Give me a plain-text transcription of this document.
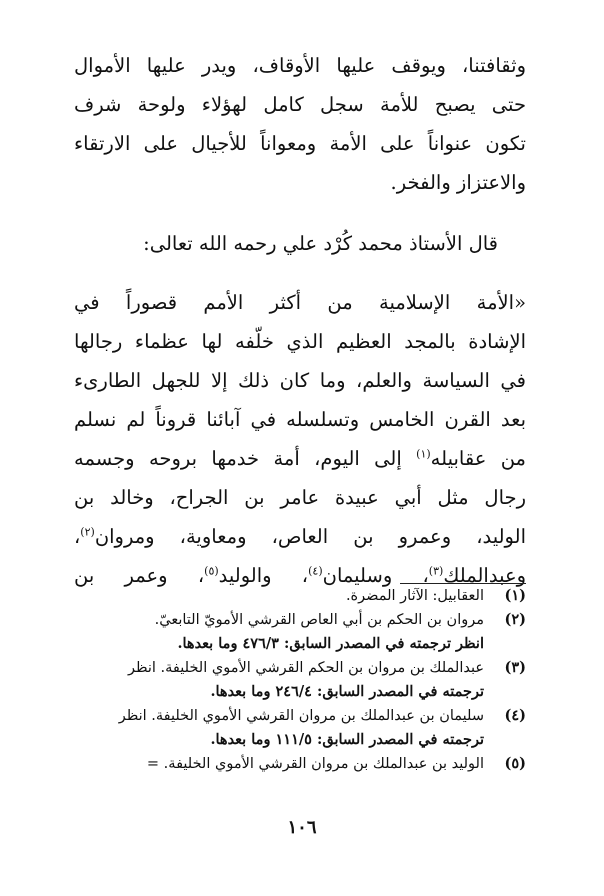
وثقافتنا، ويوقف عليها الأوقاف، ويدر عليها الأموال
حتى يصبح للأمة سجل كامل لهؤلاء ولوحة شرف
تكون عنواناً على الأمة ومعواناً للأجيال على الارتقاء
والاعتزاز والفخر.
قال الأستاذ محمد كُرْد علي رحمه الله تعالى:
«الأمة الإسلامية من أكثر الأمم قصوراً في
الإشادة بالمجد العظيم الذي خلّفه لها عظماء رجالها
في السياسة والعلم، وما كان ذلك إلا للجهل الطارىء
بعد القرن الخامس وتسلسله في آبائنا قروناً لم نسلم
من عقابيله$^{(١)}$ إلى اليوم، أمة خدمها بروحه وجسمه
رجال مثل أبي عبيدة عامر بن الجراح، وخالد بن
الوليد، وعمرو بن العاص، ومعاوية، ومروان$^{(٢)}$،
وعبدالملك$^{(٣)}$، وسليمان$^{(٤)}$، والوليد$^{(٥)}$، وعمر بن
(١)
العقابيل: الآثار المضرة.
(٢)
مروان بن الحكم بن أبي العاص القرشي الأمويّ التابعيّ.
انظر ترجمته في المصدر السابق: ٤٧٦/٣ وما بعدها.
(٣)
عبدالملك بن مروان بن الحكم القرشي الأموي الخليفة. انظر
ترجمته في المصدر السابق: ٢٤٦/٤ وما بعدها.
(٤)
سليمان بن عبدالملك بن مروان القرشي الأموي الخليفة. انظر
ترجمته في المصدر السابق: ١١١/٥ وما بعدها.
(٥)
الوليد بن عبدالملك بن مروان القرشي الأموي الخليفة. =
١٠٦
